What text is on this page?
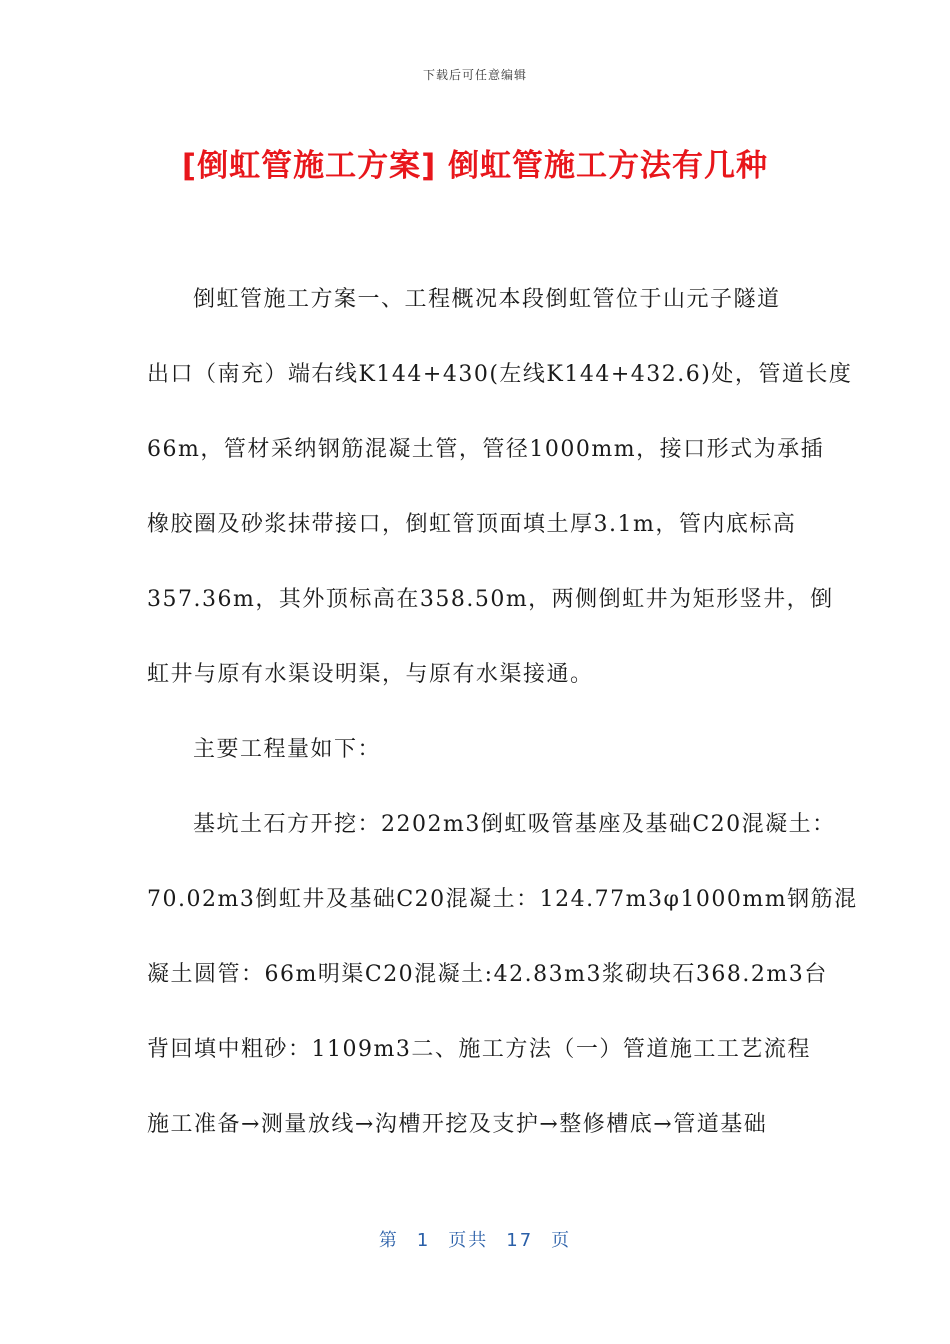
下载后可任意编辑
[倒虹管施工方案] 倒虹管施工方法有几种

倒虹管施工方案一、工程概况本段倒虹管位于山元子隧道
出口（南充）端右线K144+430(左线K144+432.6)处，管道长度
66m，管材采纳钢筋混凝土管，管径1000mm，接口形式为承插
橡胶圈及砂浆抹带接口，倒虹管顶面填土厚3.1m，管内底标高
357.36m，其外顶标高在358.50m，两侧倒虹井为矩形竖井，倒
虹井与原有水渠设明渠，与原有水渠接通。

主要工程量如下：

基坑土石方开挖：2202m3倒虹吸管基座及基础C20混凝土：
70.02m3倒虹井及基础C20混凝土：124.77m3φ1000mm钢筋混
凝土圆管：66m明渠C20混凝土:42.83m3浆砌块石368.2m3台
背回填中粗砂：1109m3二、施工方法（一）管道施工工艺流程
施工准备→测量放线→沟槽开挖及支护→整修槽底→管道基础

第 1 页共 17 页
